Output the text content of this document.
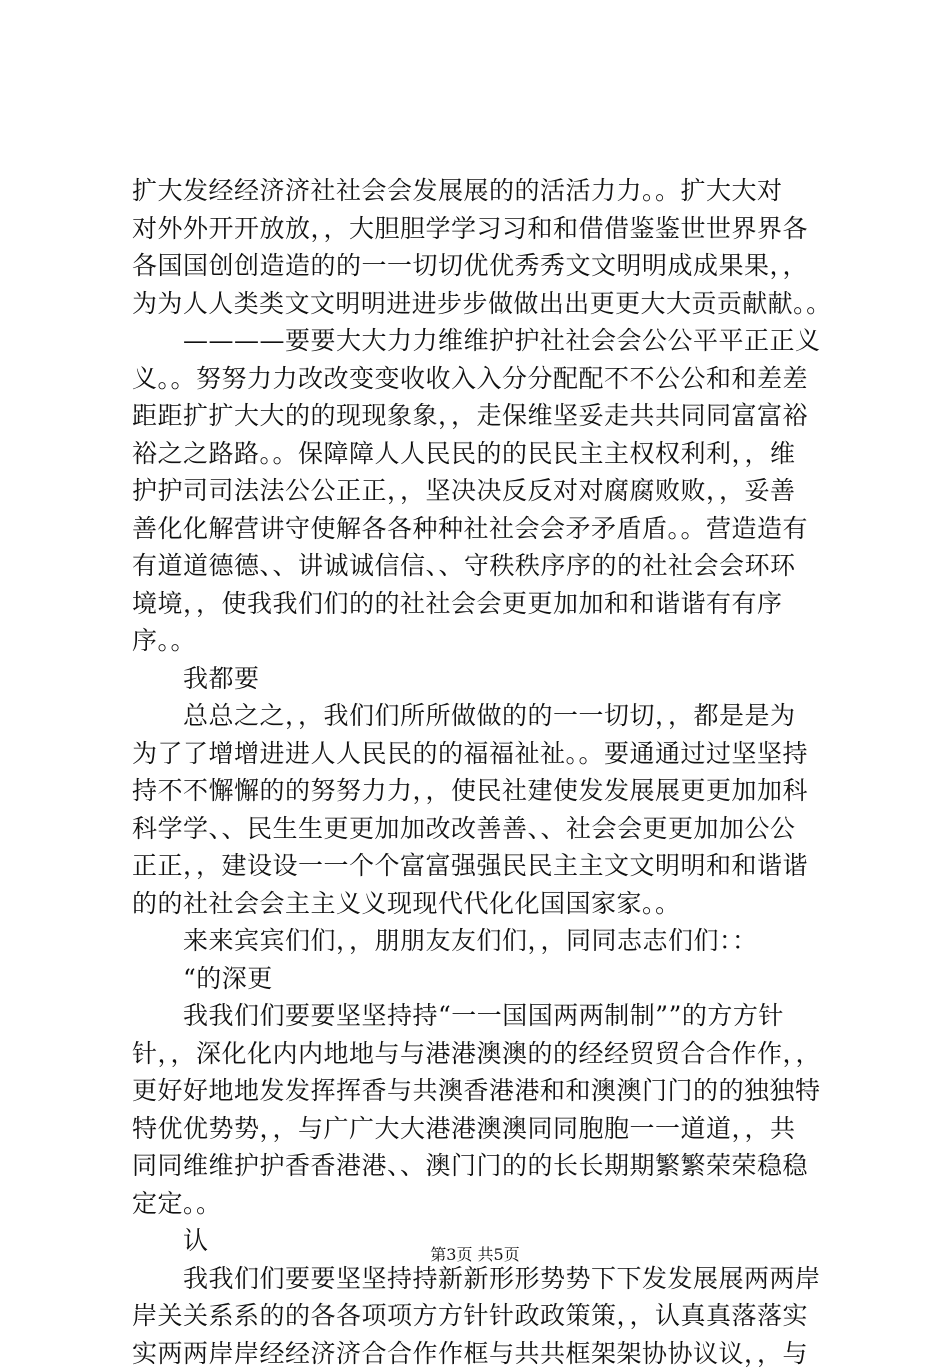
扩大发经经济济社社会会发展展的的活活力力。。扩大大对
对外外开开放放，，大胆胆学学习习和和借借鉴鉴世世界界各
各国国创创造造的的一一切切优优秀秀文文明明成成果果，，
为为人人类类文文明明进进步步做做出出更更大大贡贡献献。。
　　————要要大大力力维维护护社社会会公公平平正正义
义。。努努力力改改变变收收入入分分配配不不公公和和差差
距距扩扩大大的的现现象象，，走保维坚妥走共共同同富富裕
裕之之路路。。保障障人人民民的的民民主主权权利利，，维
护护司司法法公公正正，，坚决决反反对对腐腐败败，，妥善
善化化解营讲守使解各各种种社社会会矛矛盾盾。。营造造有
有道道德德、、讲诚诚信信、、守秩秩序序的的社社会会环环
境境，，使我我们们的的社社会会更更加加和和谐谐有有序
序。。
　　我都要
　　总总之之，，我们们所所做做的的一一切切，，都是是为
为了了增增进进人人民民的的福福祉祉。。要通通过过坚坚持
持不不懈懈的的努努力力，，使民社建使发发展展更更加加科
科学学、、民生生更更加加改改善善、、社会会更更加加公公
正正，，建设设一一个个富富强强民民主主文文明明和和谐谐
的的社社会会主主义义现现代代化化国国家家。。
　　来来宾宾们们，，朋朋友友们们，，同同志志们们：：
　　“的深更
　　我我们们要要坚坚持持“一一国国两两制制””的方方针
针，，深化化内内地地与与港港澳澳的的经经贸贸合合作作，，
更好好地地发发挥挥香与共澳香港港和和澳澳门门的的独独特
特优优势势，，与广广大大港港澳澳同同胞胞一一道道，，共
同同维维护护香香港港、、澳门门的的长长期期繁繁荣荣稳稳
定定。。
　　认
　　我我们们要要坚坚持持新新形形势势下下发发展展两两岸
岸关关系系的的各各项项方方针针政政策策，，认真真落落实
实两两岸岸经经济济合合作作框与共共框架架协协议议，，与
第3页 共5页
